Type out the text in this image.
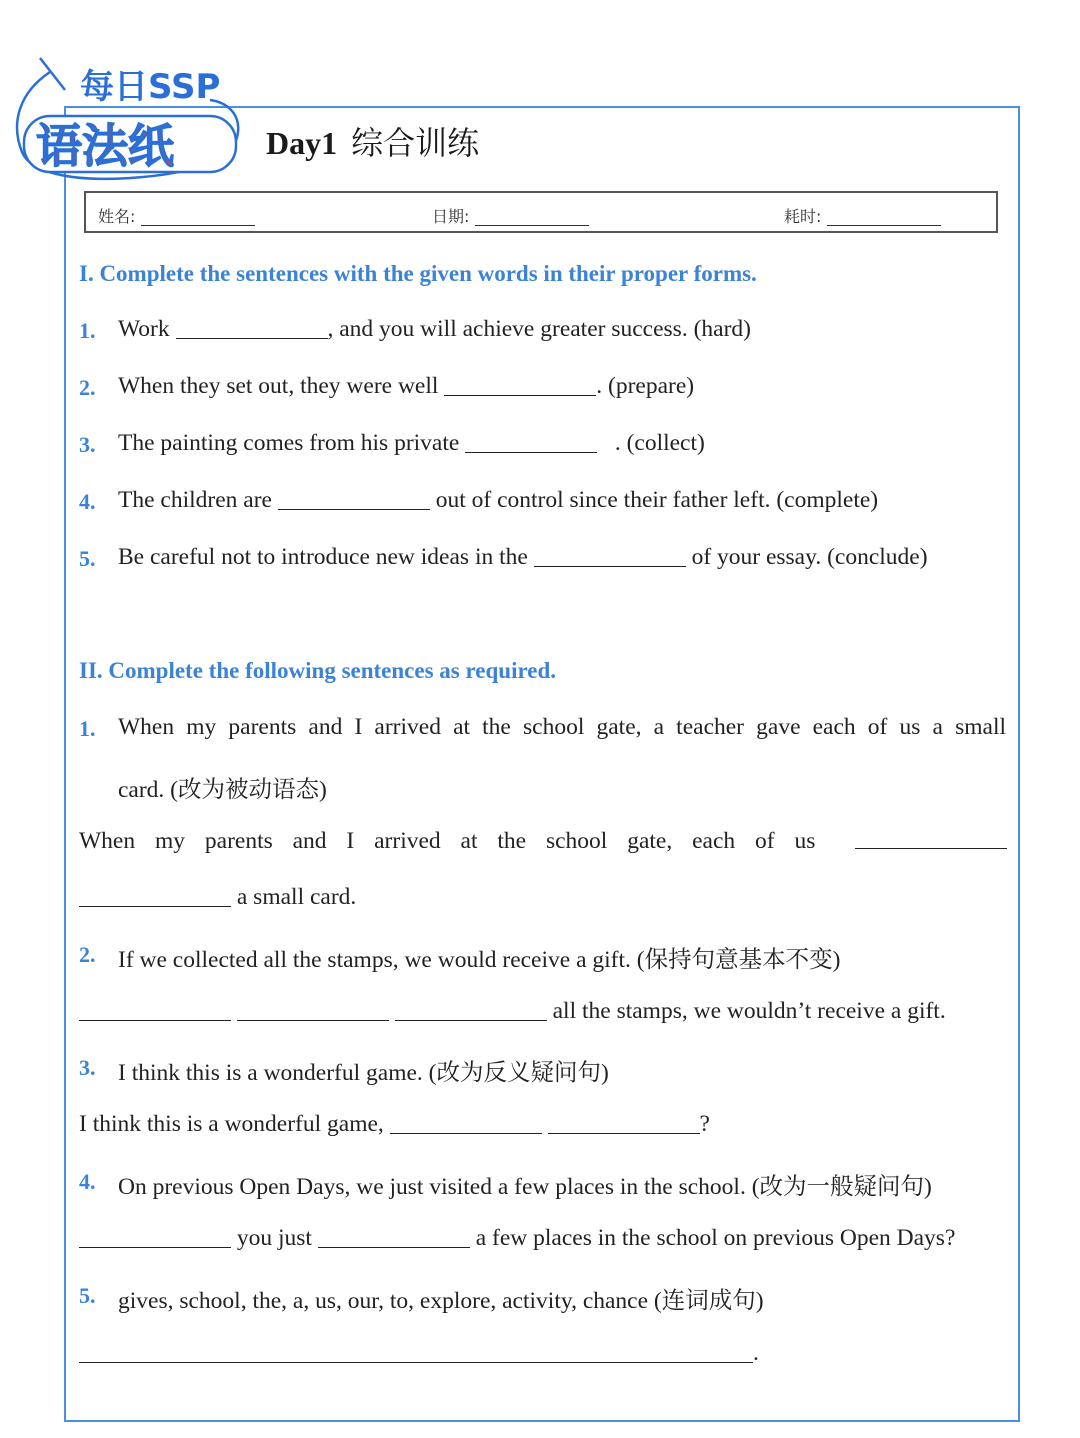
每日SSP
语法纸	Day1 综合训练
姓名:	日期:	耗时:
I. Complete the sentences with the given words in their proper forms.
1. Work	, and you will achieve greater success. (hard)
2. When they set out, they were well	. (prepare)
3. The painting comes from his private	. (collect)
4. The children are	out of control since their father left. (complete)
5. Be careful not to introduce new ideas in the	of your essay. (conclude)
II. Complete the following sentences as required.
1. When my parents and I arrived at the school gate, a teacher gave each of us a small
card. (改为被动语态)
When my parents and I arrived at the school gate, each of us
a small card.
2. If we collected all the stamps, we would receive a gift. (保持句意基本不变)
all the stamps, we wouldn’t receive a gift.
3. I think this is a wonderful game. (改为反义疑问句)
I think this is a wonderful game,	?
4. On previous Open Days, we just visited a few places in the school. (改为一般疑问句)
you just	a few places in the school on previous Open Days?
5. gives, school, the, a, us, our, to, explore, activity, chance (连词成句)
.
